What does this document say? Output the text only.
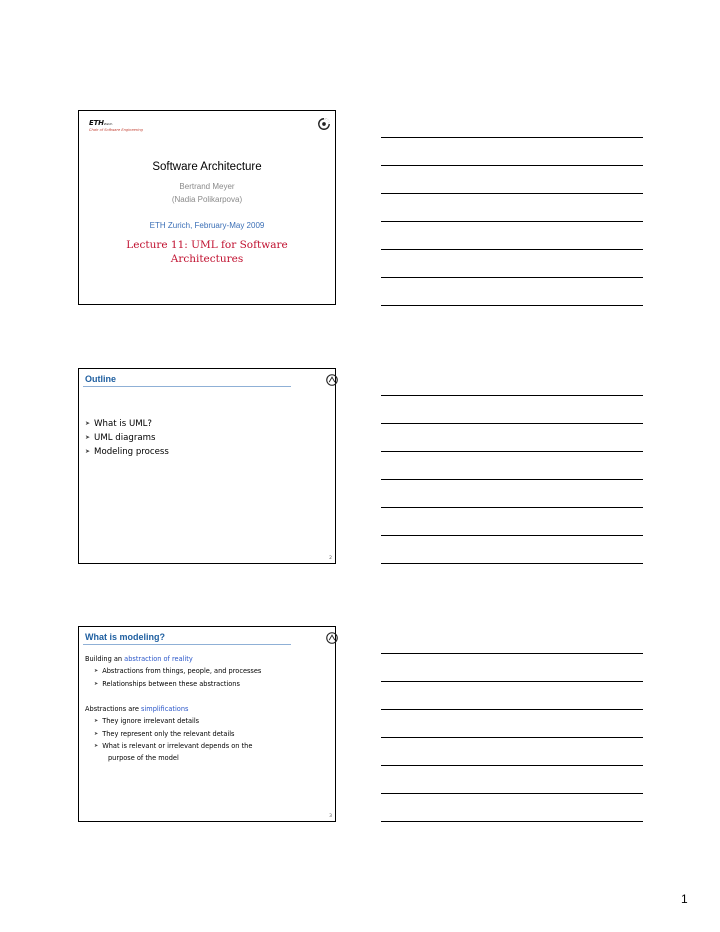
ETHZürich
Chair of Software Engineering
Software Architecture
Bertrand Meyer
(Nadia Polikarpova)
ETH Zurich, February-May 2009
Lecture 11: UML for Software Architectures
Outline
➤ What is UML?
➤ UML diagrams
➤ Modeling process
2
What is modeling?
Building an abstraction of reality
➤ Abstractions from things, people, and processes
➤ Relationships between these abstractions
Abstractions are simplifications
➤ They ignore irrelevant details
➤ They represent only the relevant details
➤ What is relevant or irrelevant depends on the
purpose of the model
3
1
